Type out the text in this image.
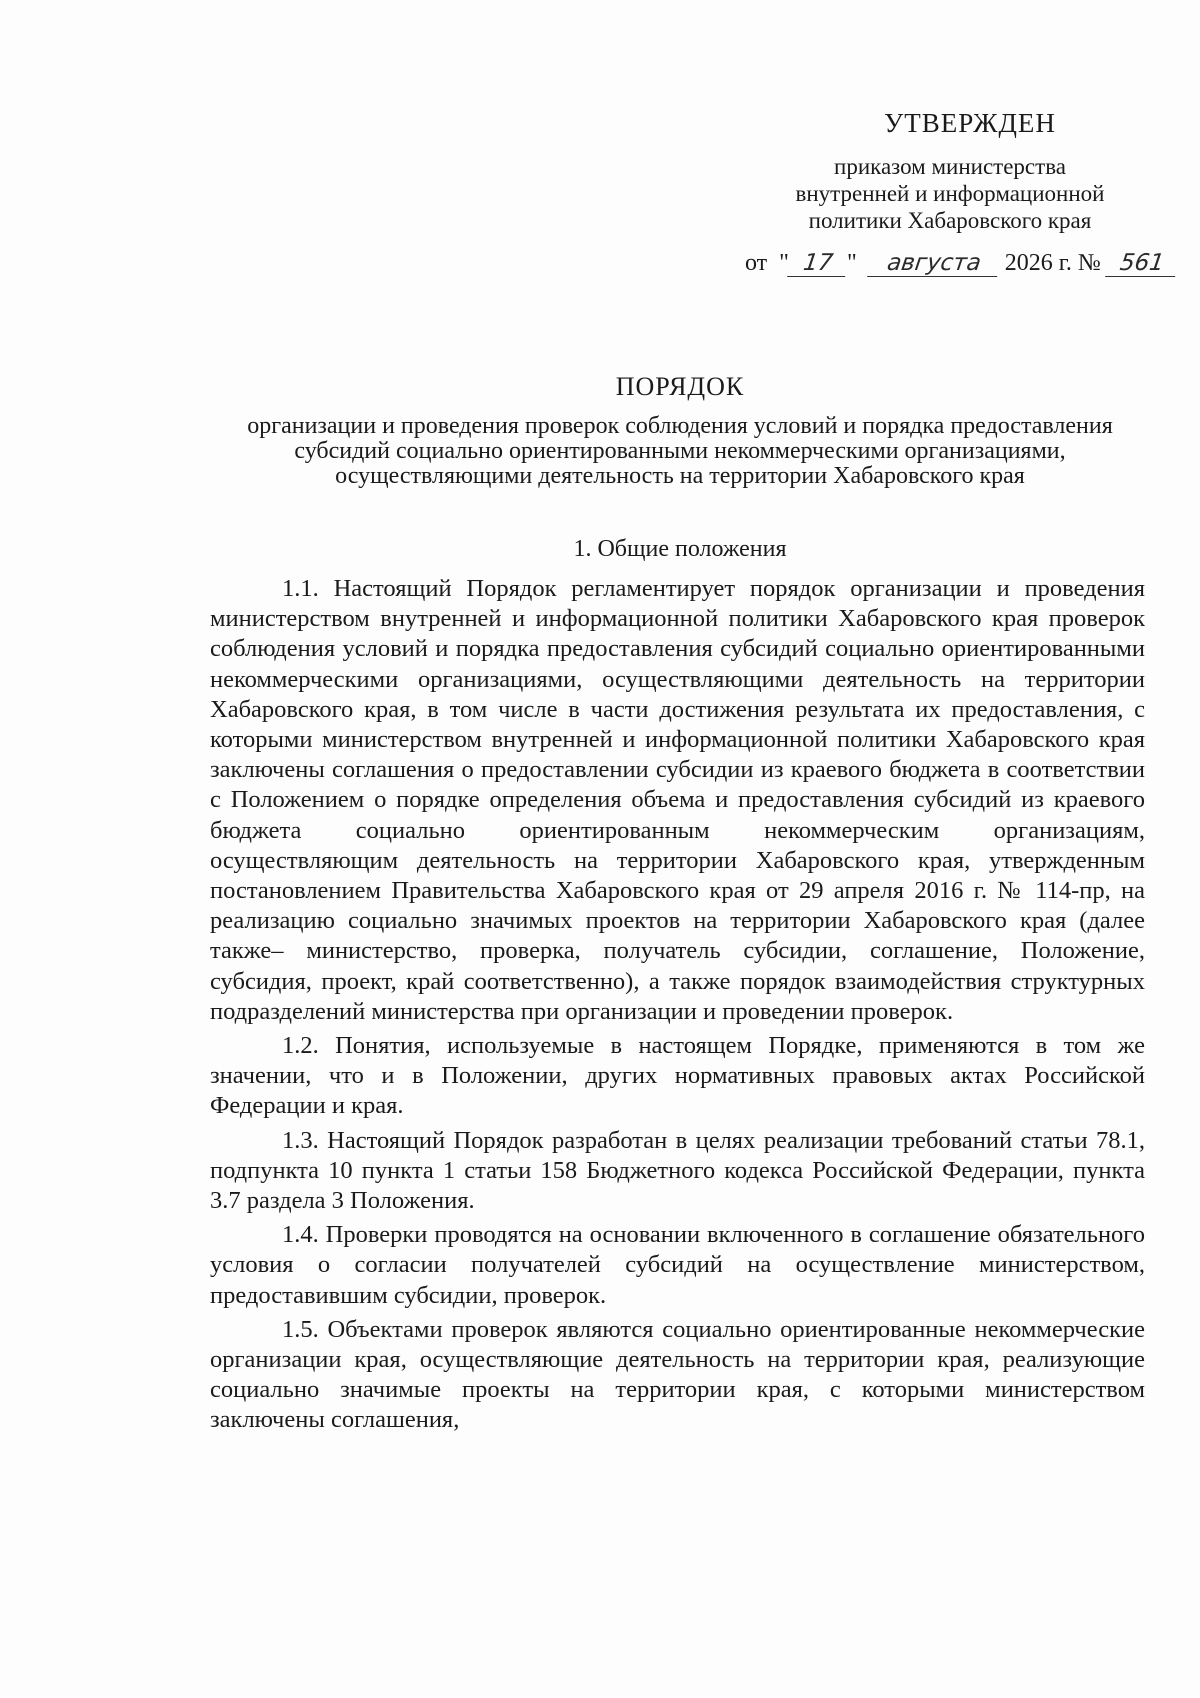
УТВЕРЖДЕН
приказом министерства
внутренней и информационной
политики Хабаровского края
от  " 17 "  августа 2026 г. № 561
ПОРЯДОК
организации и проведения проверок соблюдения условий и порядка предоставления субсидий социально ориентированными некоммерческими организациями, осуществляющими деятельность на территории Хабаровского края
1. Общие положения

1.1. Настоящий Порядок регламентирует порядок организации и проведения министерством внутренней и информационной политики Хабаровского края проверок соблюдения условий и порядка предоставления субсидий социально ориентированными некоммерческими организациями, осуществляющими деятельность на территории Хабаровского края, в том числе в части достижения результата их предоставления, с которыми министерством внутренней и информационной политики Хабаровского края заключены соглашения о предоставлении субсидии из краевого бюджета в соответствии с Положением о порядке определения объема и предоставления субсидий из краевого бюджета социально ориентированным некоммерческим организациям, осуществляющим деятельность на территории Хабаровского края, утвержденным постановлением Правительства Хабаровского края от 29 апреля 2016 г. № 114-пр, на реализацию социально значимых проектов на территории Хабаровского края (далее также– министерство, проверка, получатель субсидии, соглашение, Положение, субсидия, проект, край соответственно), а также порядок взаимодействия структурных подразделений министерства при организации и проведении проверок.

1.2. Понятия, используемые в настоящем Порядке, применяются в том же значении, что и в Положении, других нормативных правовых актах Российской Федерации и края.

1.3. Настоящий Порядок разработан в целях реализации требований статьи 78.1, подпункта 10 пункта 1 статьи 158 Бюджетного кодекса Российской Федерации, пункта 3.7 раздела 3 Положения.

1.4. Проверки проводятся на основании включенного в соглашение обязательного условия о согласии получателей субсидий на осуществление министерством, предоставившим субсидии, проверок.

1.5. Объектами проверок являются социально ориентированные некоммерческие организации края, осуществляющие деятельность на территории края, реализующие социально значимые проекты на территории края, с которыми министерством заключены соглашения,
